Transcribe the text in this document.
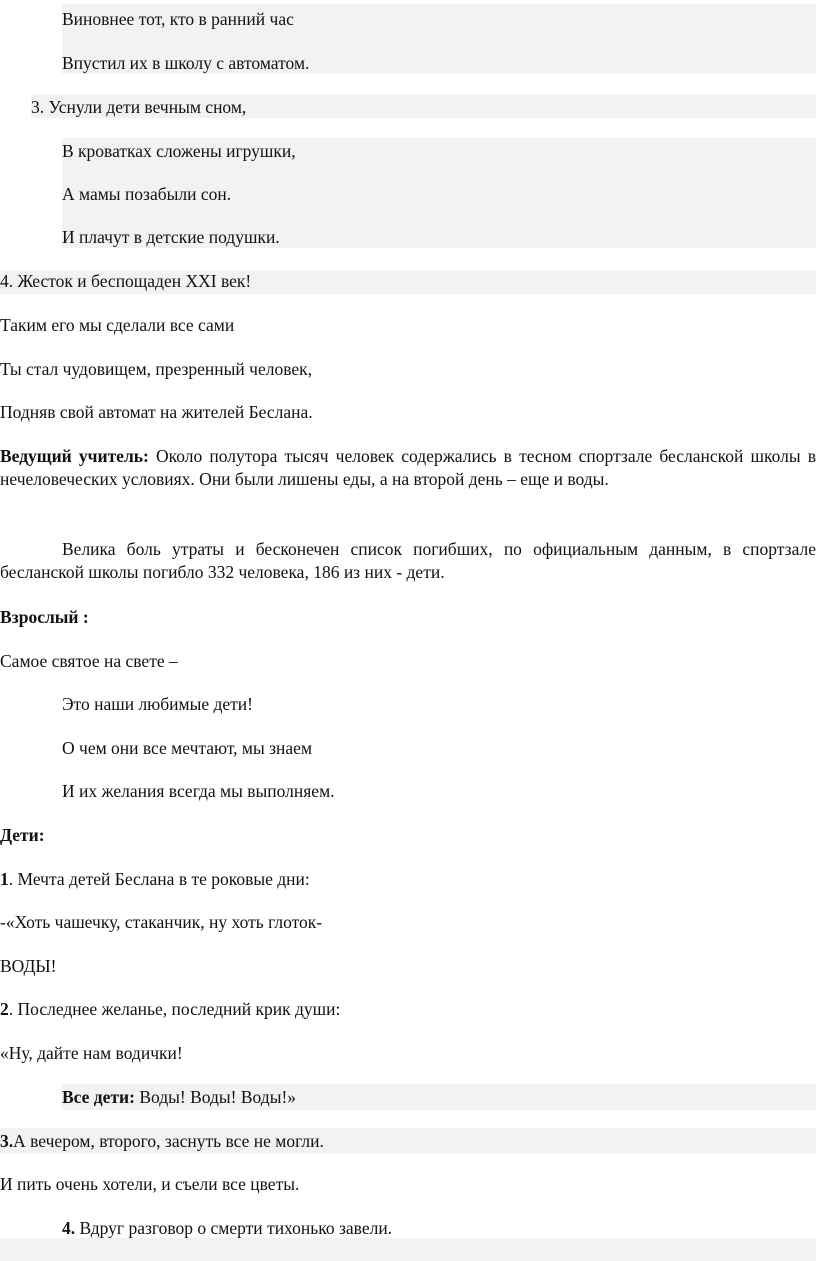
Виновнее тот, кто в ранний час
Впустил их в школу с автоматом.
3. Уснули дети вечным сном,
В кроватках сложены игрушки,
А мамы позабыли сон.
И плачут в детские подушки.
4. Жесток и беспощаден XXI век!
Таким его мы сделали все сами
Ты стал чудовищем, презренный человек,
Подняв свой автомат на жителей Беслана.
Ведущий учитель: Около полутора тысяч человек содержались в тесном спортзале бесланской школы в нечеловеческих условиях. Они были лишены еды, а на второй день – еще и воды.
Велика боль утраты и бесконечен список погибших, по официальным данным, в спортзале бесланской школы погибло 332 человека, 186 из них - дети.
Взрослый :
Самое святое на свете –
Это наши любимые дети!
О чем они все мечтают, мы знаем
И их желания всегда мы выполняем.
Дети:
1. Мечта детей Беслана в те роковые дни:
-«Хоть чашечку, стаканчик, ну хоть глоток-
ВОДЫ!
2. Последнее желанье, последний крик души:
«Ну, дайте нам водички!
Все дети: Воды! Воды! Воды!»
3.А вечером, второго, заснуть все не могли.
И пить очень хотели, и съели все цветы.
4. Вдруг разговор о смерти тихонько завели.
